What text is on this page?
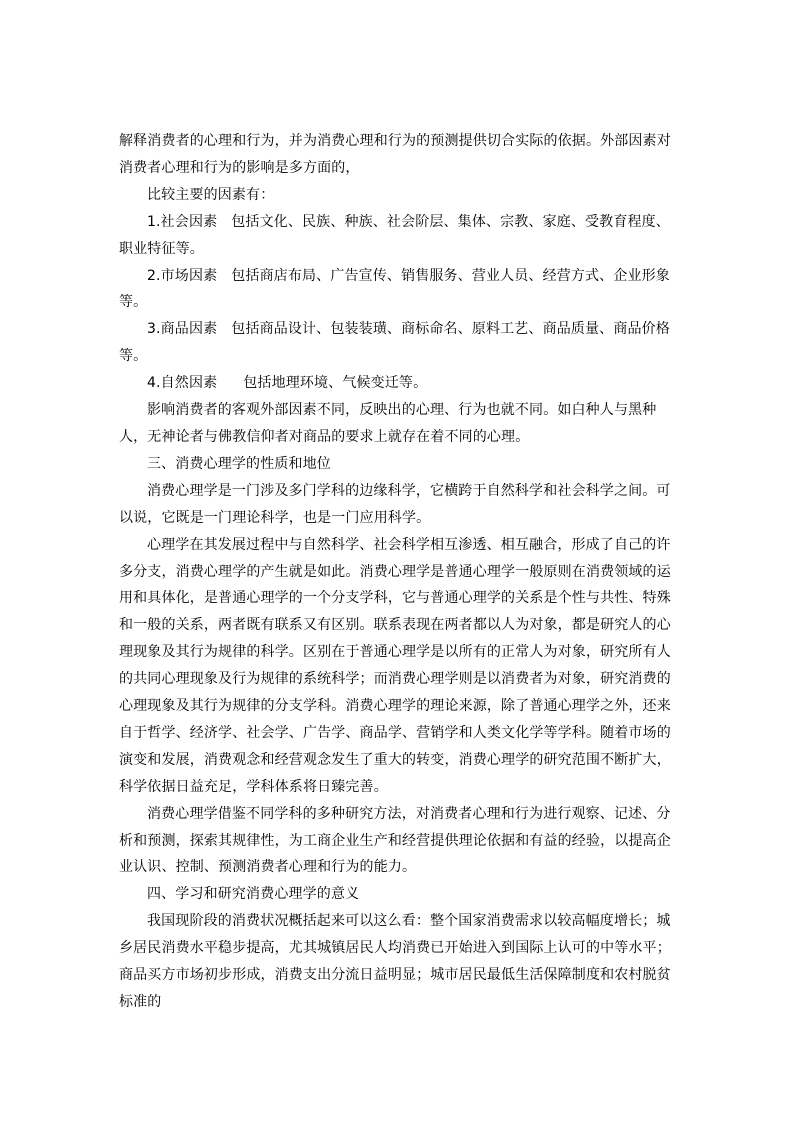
解释消费者的心理和行为，并为消费心理和行为的预测提供切合实际的依据。外部因素对消费者心理和行为的影响是多方面的，

比较主要的因素有：

1.社会因素 包括文化、民族、种族、社会阶层、集体、宗教、家庭、受教育程度、职业特征等。

2.市场因素 包括商店布局、广告宣传、销售服务、营业人员、经营方式、企业形象等。

3.商品因素 包括商品设计、包装装璜、商标命名、原料工艺、商品质量、商品价格等。

4.自然因素 包括地理环境、气候变迁等。

影响消费者的客观外部因素不同，反映出的心理、行为也就不同。如白种人与黑种人，无神论者与佛教信仰者对商品的要求上就存在着不同的心理。

三、消费心理学的性质和地位

消费心理学是一门涉及多门学科的边缘科学，它横跨于自然科学和社会科学之间。可以说，它既是一门理论科学，也是一门应用科学。

心理学在其发展过程中与自然科学、社会科学相互渗透、相互融合，形成了自己的许多分支，消费心理学的产生就是如此。消费心理学是普通心理学一般原则在消费领域的运用和具体化，是普通心理学的一个分支学科，它与普通心理学的关系是个性与共性、特殊和一般的关系，两者既有联系又有区别。联系表现在两者都以人为对象，都是研究人的心理现象及其行为规律的科学。区别在于普通心理学是以所有的正常人为对象，研究所有人的共同心理现象及行为规律的系统科学；而消费心理学则是以消费者为对象，研究消费的心理现象及其行为规律的分支学科。消费心理学的理论来源，除了普通心理学之外，还来自于哲学、经济学、社会学、广告学、商品学、营销学和人类文化学等学科。随着市场的演变和发展，消费观念和经营观念发生了重大的转变，消费心理学的研究范围不断扩大，科学依据日益充足，学科体系将日臻完善。

消费心理学借鉴不同学科的多种研究方法，对消费者心理和行为进行观察、记述、分析和预测，探索其规律性，为工商企业生产和经营提供理论依据和有益的经验，以提高企业认识、控制、预测消费者心理和行为的能力。

四、学习和研究消费心理学的意义

我国现阶段的消费状况概括起来可以这么看：整个国家消费需求以较高幅度增长；城乡居民消费水平稳步提高，尤其城镇居民人均消费已开始进入到国际上认可的中等水平；商品买方市场初步形成，消费支出分流日益明显；城市居民最低生活保障制度和农村脱贫标准的
